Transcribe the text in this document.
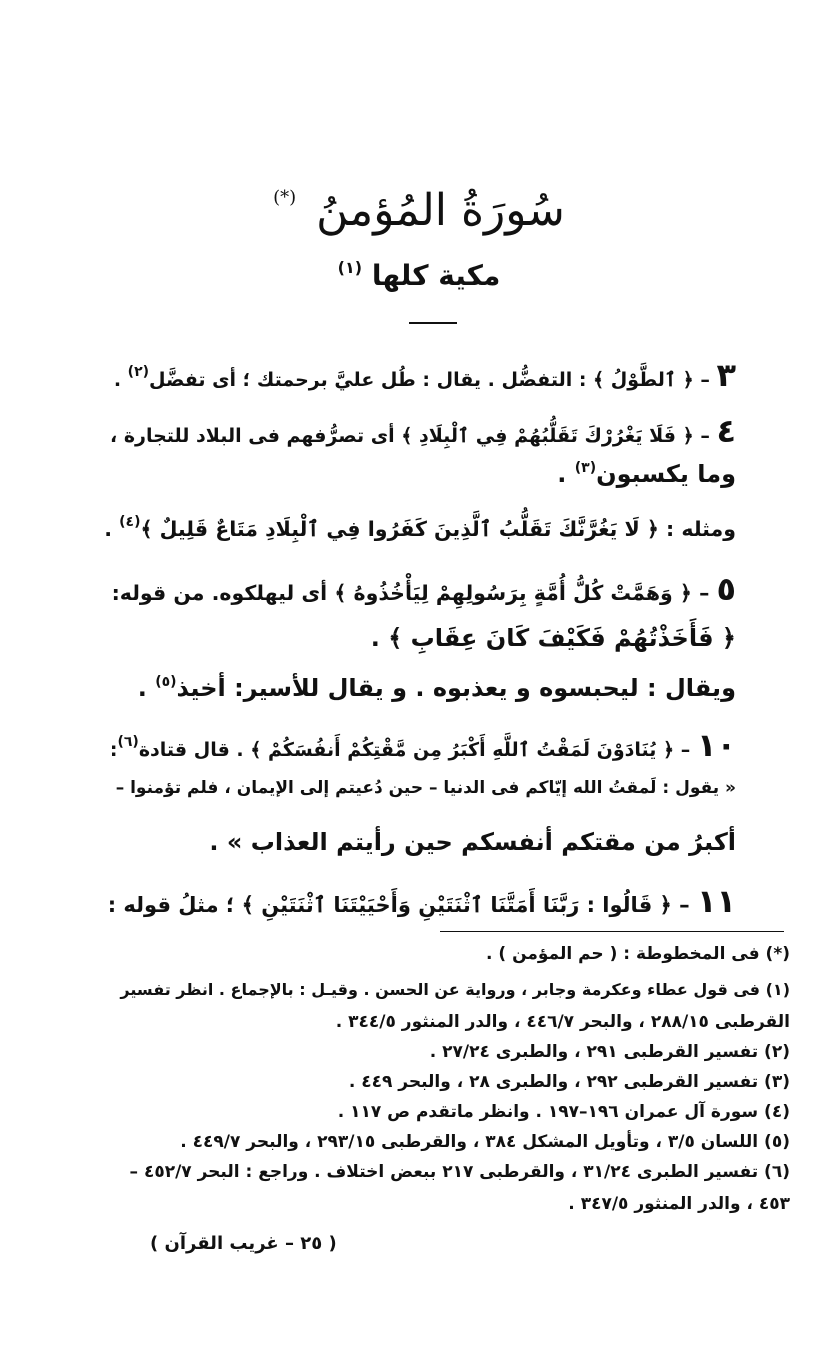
سُورَةُ المُؤمنُ (*)
مكية كلها $^{(١)}$
٣ – ﴿ ٱلطَّوْلُ ﴾ : التفضُّل . يقال : طُل عليَّ برحمتك ؛ أى تفضَّل$^{(٢)}$ .
٤ – ﴿ فَلَا يَغْرُرْكَ تَقَلُّبُهُمْ فِي ٱلْبِلَادِ ﴾ أى تصرُّفهم فى البلاد للتجارة ،
وما يكسبون$^{(٣)}$ .
ومثله : ﴿ لَا يَغُرَّنَّكَ تَقَلُّبُ ٱلَّذِينَ كَفَرُوا فِي ٱلْبِلَادِ مَتَاعٌ قَلِيلٌ ﴾$^{(٤)}$ .
٥ – ﴿ وَهَمَّتْ كُلُّ أُمَّةٍ بِرَسُولِهِمْ لِيَأْخُذُوهُ ﴾ أى ليهلكوه. من قوله:
﴿ فَأَخَذْتُهُمْ فَكَيْفَ كَانَ عِقَابِ ﴾ .
ويقال : ليحبسوه و يعذبوه . و يقال للأسير: أخيذ$^{(٥)}$ .
١٠ – ﴿ يُنَادَوْنَ لَمَقْتُ ٱللَّهِ أَكْبَرُ مِن مَّقْتِكُمْ أَنفُسَكُمْ ﴾ . قال قتادة$^{(٦)}$:
« يقول : لَمقتُ الله إيّاكم فى الدنيا – حين دُعيتم إلى الإيمان ، فلم تؤمنوا –
أكبرُ من مقتكم أنفسكم حين رأيتم العذاب » .
١١ – ﴿ قَالُوا : رَبَّنَا أَمَتَّنَا ٱثْنَتَيْنِ وَأَحْيَيْتَنَا ٱثْنَتَيْنِ ﴾ ؛ مثلُ قوله :
(*) فى المخطوطة : ( حم المؤمن ) .
(١) فى قول عطاء وعكرمة وجابر ، ورواية عن الحسن . وقيـل : بالإجماع . انظر تفسير
القرطبى ٢٨٨/١٥ ، والبحر ٤٤٦/٧ ، والدر المنثور ٣٤٤/٥ .
(٢) تفسير القرطبى ٢٩١ ، والطبرى ٢٧/٢٤ .
(٣) تفسير القرطبى ٢٩٢ ، والطبرى ٢٨ ، والبحر ٤٤٩ .
(٤) سورة آل عمران ١٩٦–١٩٧ . وانظر ماتقدم ص ١١٧ .
(٥) اللسان ٣/٥ ، وتأويل المشكل ٣٨٤ ، والقرطبى ٢٩٣/١٥ ، والبحر ٤٤٩/٧ .
(٦) تفسير الطبرى ٣١/٢٤ ، والقرطبى ٢١٧ ببعض اختلاف . وراجع : البحر ٤٥٢/٧ –
٤٥٣ ، والدر المنثور ٣٤٧/٥ .
( ٢٥ – غريب القرآن )
